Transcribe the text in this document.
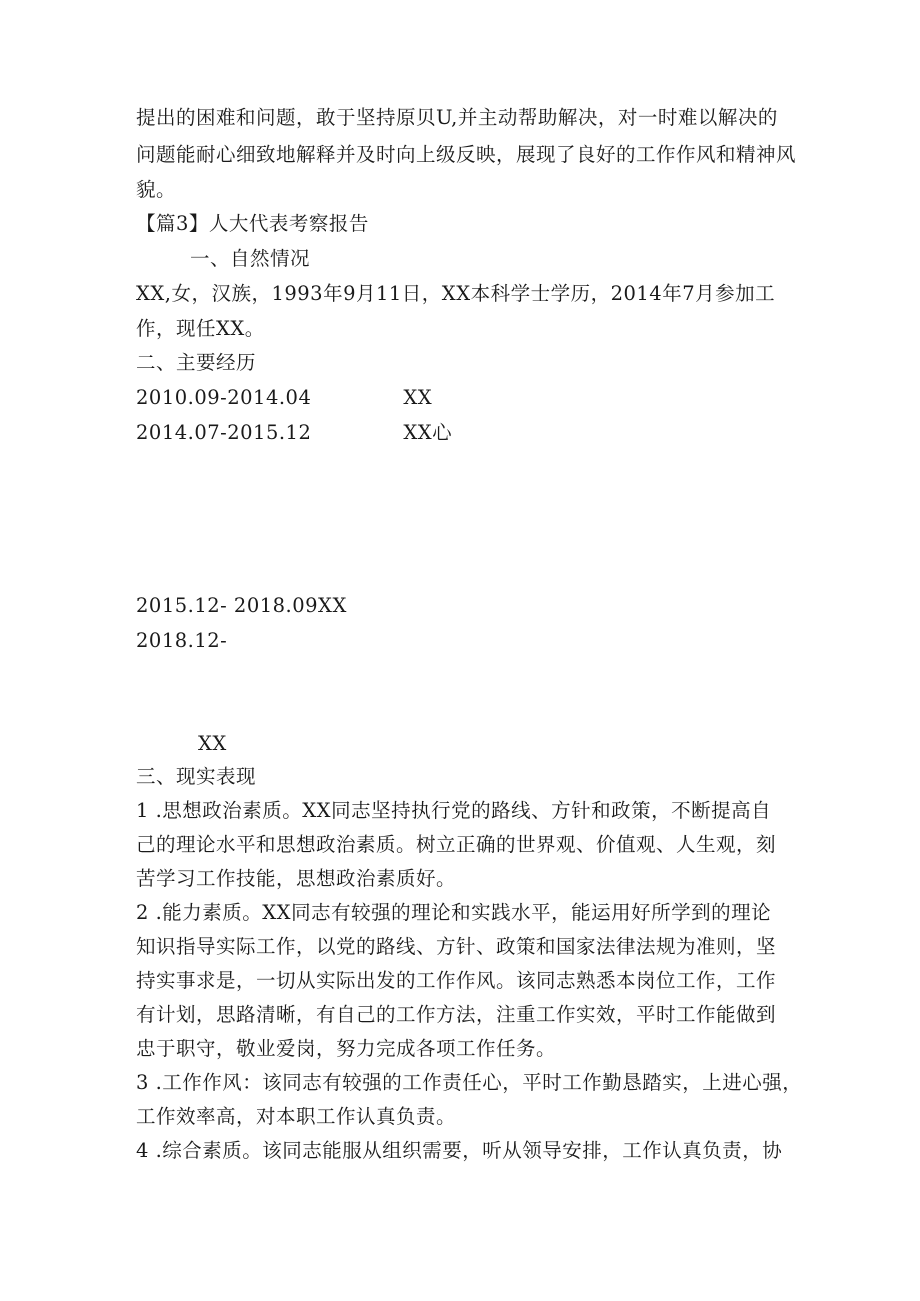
提出的困难和问题，敢于坚持原贝U,并主动帮助解决，对一时难以解决的
问题能耐心细致地解释并及时向上级反映，展现了良好的工作作风和精神风
貌。
【篇3】人大代表考察报告
一、自然情况
XX,女，汉族，1993年9月11日，XX本科学士学历，2014年7月参加工
作，现任XX。
二、主要经历
2010.09-2014.04	XX
2014.07-2015.12	XX心
2015.12- 2018.09XX
2018.12-
XX
三、现实表现
1 .思想政治素质。XX同志坚持执行党的路线、方针和政策，不断提高自
己的理论水平和思想政治素质。树立正确的世界观、价值观、人生观，刻
苦学习工作技能，思想政治素质好。
2 .能力素质。XX同志有较强的理论和实践水平，能运用好所学到的理论
知识指导实际工作，以党的路线、方针、政策和国家法律法规为准则，坚
持实事求是，一切从实际出发的工作作风。该同志熟悉本岗位工作，工作
有计划，思路清晰，有自己的工作方法，注重工作实效，平时工作能做到
忠于职守，敬业爱岗，努力完成各项工作任务。
3 .工作作风：该同志有较强的工作责任心，平时工作勤恳踏实，上进心强，
工作效率高，对本职工作认真负责。
4 .综合素质。该同志能服从组织需要，听从领导安排，工作认真负责，协
